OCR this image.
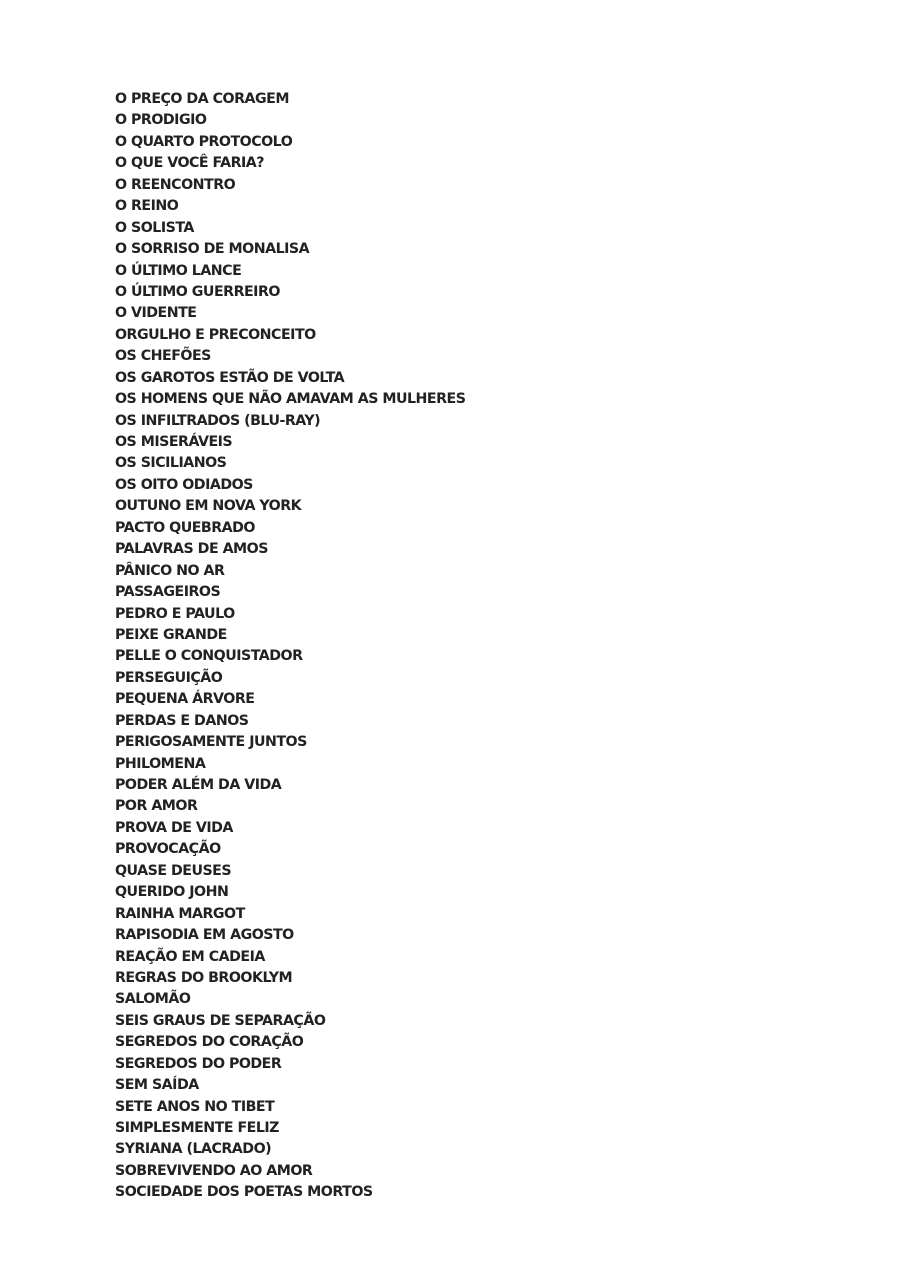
O PREÇO DA CORAGEM
O PRODIGIO
O QUARTO PROTOCOLO
O QUE VOCÊ FARIA?
O REENCONTRO
O REINO
O SOLISTA
O SORRISO DE MONALISA
O ÚLTIMO LANCE
O ÚLTIMO GUERREIRO
O VIDENTE
ORGULHO E PRECONCEITO
OS CHEFÕES
OS GAROTOS ESTÃO DE VOLTA
OS HOMENS QUE NÃO AMAVAM AS MULHERES
OS INFILTRADOS (BLU-RAY)
OS MISERÁVEIS
OS SICILIANOS
OS OITO ODIADOS
OUTUNO EM NOVA YORK
PACTO QUEBRADO
PALAVRAS DE AMOS
PÂNICO NO AR
PASSAGEIROS
PEDRO E PAULO
PEIXE GRANDE
PELLE O CONQUISTADOR
PERSEGUIÇÃO
PEQUENA ÁRVORE
PERDAS E DANOS
PERIGOSAMENTE JUNTOS
PHILOMENA
PODER ALÉM DA VIDA
POR AMOR
PROVA DE VIDA
PROVOCAÇÃO
QUASE DEUSES
QUERIDO JOHN
RAINHA MARGOT
RAPISODIA EM AGOSTO
REAÇÃO EM CADEIA
REGRAS DO BROOKLYM
SALOMÃO
SEIS GRAUS DE SEPARAÇÃO
SEGREDOS DO CORAÇÃO
SEGREDOS DO PODER
SEM SAÍDA
SETE ANOS NO TIBET
SIMPLESMENTE FELIZ
SYRIANA (LACRADO)
SOBREVIVENDO AO AMOR
SOCIEDADE DOS POETAS MORTOS
